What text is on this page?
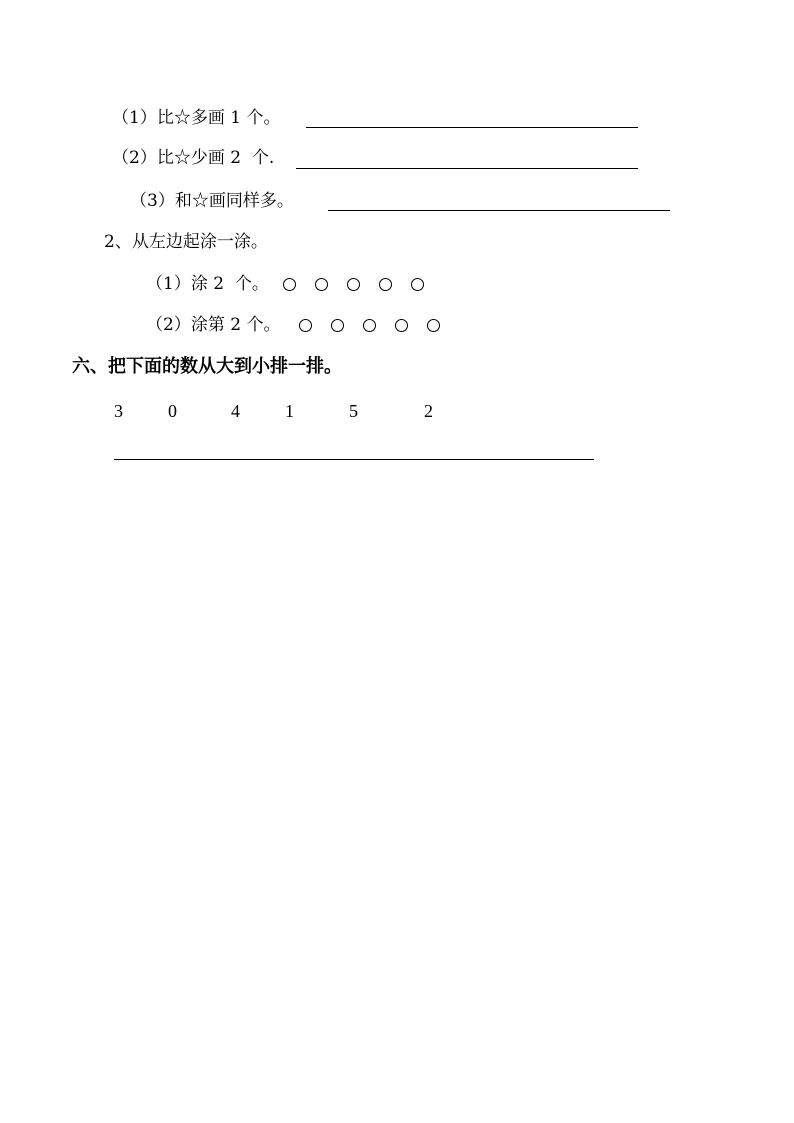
（1）比☆多画 1 个。
（2）比☆少画 2  个.
（3）和☆画同样多。
2、从左边起涂一涂。
（1）涂 2  个。
（2）涂第 2 个。
六、把下面的数从大到小排一排。
3	0	4	1	5	2
